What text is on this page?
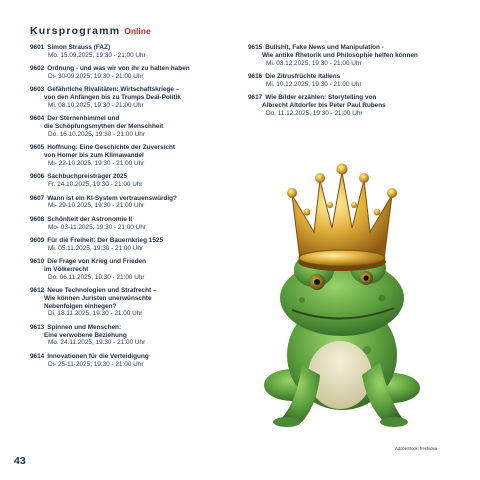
Kursprogramm Online
9601 Simon Strauss (FAZ)
Mo. 15.09.2025, 19:30 - 21:00 Uhr
9602 Ordnung - und was wir von ihr zu halten haben
Di- 30-09.2025, 19:30 - 21:00 Uhr
9603 Gefährliche Rivalitäten: Wirtschaftskriege –
von den Anfängen bis zu Trumps Deal-Politik
Mi. 08.10.2025, 19:30 - 21:00 Uhr
9604 Der Sternenhimmel und
die Schöpfungsmythen der Menschheit
Do. 16.10.2025, 19:30 - 21:00 Uhr
9605 Hoffnung: Eine Geschichte der Zuversicht
von Homer bis zum Klimawandel
Mi- 22-10.2025, 19:30 - 21:00 Uhr
9606 Sachbuchpreisträger 2025
Fr. 24.10.2025, 19:30 - 21:00 Uhr
9607 Wann ist ein KI-System vertrauenswürdig?
Mi- 29-10.2025, 19:30 - 21:00 Uhr
9608 Schönheit der Astronomie II
Mo- 03-11.2025, 19:30 - 21:00 Uhr
9609 Für die Freiheit: Der Bauernkrieg 1525
Mi. 05.11.2025, 19:30 - 21:00 Uhr
9610 Die Frage von Krieg und Frieden
im Völkerrecht
Do. 06.11.2025, 19:30 - 21:00 Uhr
9612 Neue Technologien und Strafrecht –
Wie können Juristen unerwünschte
Nebenfolgen einhegen?
Di. 18.11.2025, 19:30 - 21:00 Uhr
9613 Spinnen und Menschen:
Eine verwobene Beziehung
Mo. 24.11.2025, 19:30 - 21:00 Uhr
9614 Innovationen für die Verteidigung
Di- 25-11-2025, 19:30 - 21:00 Uhr
9615 Bullshit, Fake News und Manipulation -
Wie antike Rhetorik und Philosophie helfen können
Mi. 03.12.2025, 19:30 - 21:00 Uhr
9616 Die Zitrusfrüchte Italiens
Mi. 10.12.2025, 19:30 - 21:00 Uhr
9617 Wie Bilder erzählen: Storytelling von
Albrecht Altdorfer bis Peter Paul Rubens
Do. 11.12.2025, 19:30 - 21:00 Uhr
AdobeStock: freshidea
43
